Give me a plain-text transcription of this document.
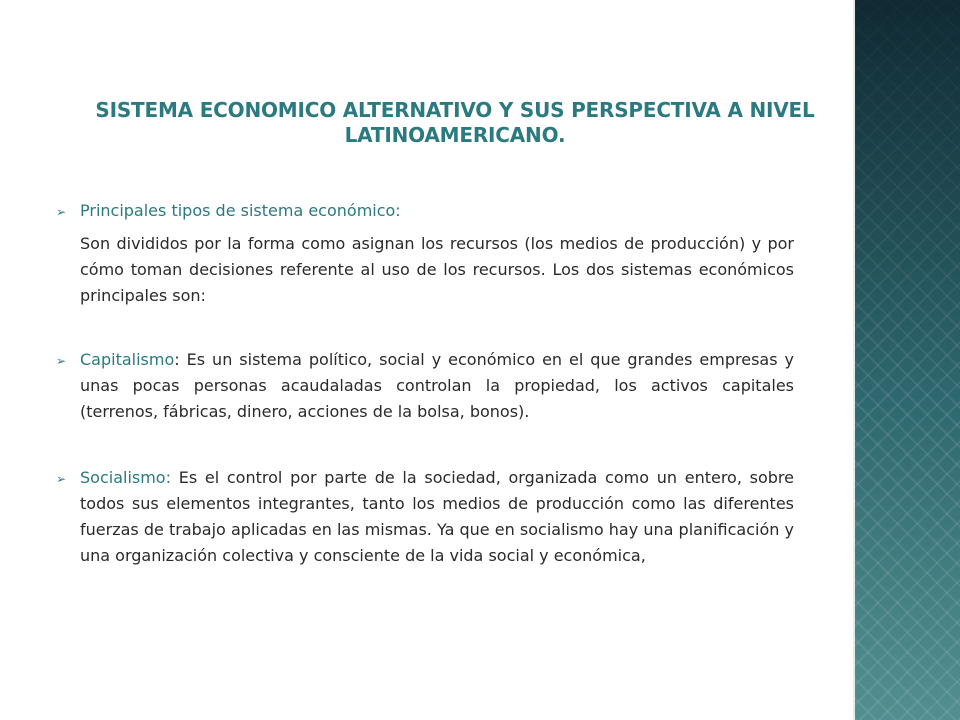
SISTEMA ECONOMICO ALTERNATIVO Y SUS PERSPECTIVA A NIVEL LATINOAMERICANO.
➢ Principales tipos de sistema económico:
Son divididos por la forma como asignan los recursos (los medios de producción) y por cómo toman decisiones referente al uso de los recursos. Los dos sistemas económicos principales son:
➢ Capitalismo: Es un sistema político, social y económico en el que grandes empresas y unas pocas personas acaudaladas controlan la propiedad, los activos capitales (terrenos, fábricas, dinero, acciones de la bolsa, bonos).
➢ Socialismo: Es el control por parte de la sociedad, organizada como un entero, sobre todos sus elementos integrantes, tanto los medios de producción como las diferentes fuerzas de trabajo aplicadas en las mismas. Ya que en socialismo hay una planificación y una organización colectiva y consciente de la vida social y económica,
